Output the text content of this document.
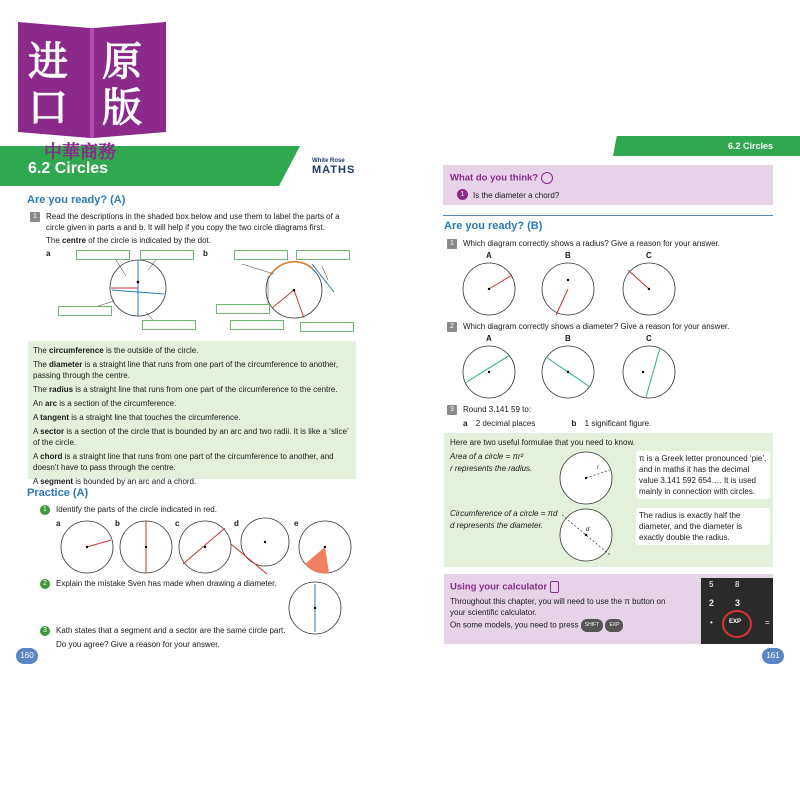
6.2 Circles	White Rose
MATHS
进 原
口 版
中華商務
Are you ready? (A)
1	Read the descriptions in the shaded box below and use them to label the parts of a circle given in parts a and b. It will help if you copy the two circle diagrams first.
The centre of the circle is indicated by the dot.
a	b
The circumference is the outside of the circle.
The diameter is a straight line that runs from one part of the circumference to another, passing through the centre.
The radius is a straight line that runs from one part of the circumference to the centre.
An arc is a section of the circumference.
A tangent is a straight line that touches the circumference.
A sector is a section of the circle that is bounded by an arc and two radii. It is like a ‘slice’ of the circle.
A chord is a straight line that runs from one part of the circumference to another, and doesn’t have to pass through the centre.
A segment is bounded by an arc and a chord.
Practice (A)
1	Identify the parts of the circle indicated in red.
a	b	c	d	e
2	Explain the mistake Sven has made when drawing a diameter.
3	Kath states that a segment and a sector are the same circle part.
Do you agree? Give a reason for your answer.
160
6.2 Circles
What do you think?
1	Is the diameter a chord?
Are you ready? (B)
1	Which diagram correctly shows a radius? Give a reason for your answer.
A	B	C
2	Which diagram correctly shows a diameter? Give a reason for your answer.
A	B	C
3	Round 3.141 59 to:
a 2 decimal places	b 1 significant figure.
Here are two useful formulae that you need to know.
Area of a circle = πr²
r represents the radius.	r
π is a Greek letter pronounced ‘pie’, and in maths it has the decimal value 3.141 592 654…. It is used mainly in connection with circles.
Circumference of a circle = πd
d represents the diameter.	d
The radius is exactly half the diameter, and the diameter is exactly double the radius.
Using your calculator
Throughout this chapter, you will need to use the π button on your scientific calculator.
On some models, you need to press SHIFT EXP
5	8
2 3
•	EXP	=
161
